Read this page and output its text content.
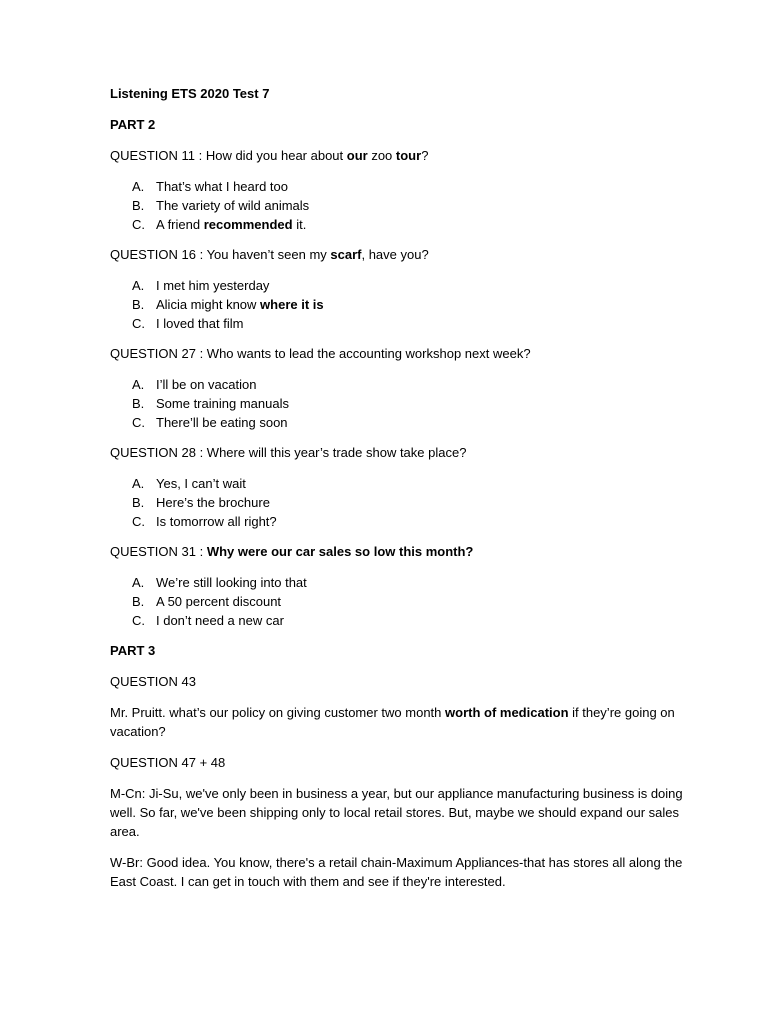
Listening ETS 2020 Test 7

PART 2

QUESTION 11 : How did you hear about our zoo tour?

A. That’s what I heard too
B. The variety of wild animals
C. A friend recommended it.

QUESTION 16 : You haven’t seen my scarf, have you?

A. I met him yesterday
B. Alicia might know where it is
C. I loved that film

QUESTION 27 : Who wants to lead the accounting workshop next week?

A. I’ll be on vacation
B. Some training manuals
C. There’ll be eating soon

QUESTION 28 : Where will this year’s trade show take place?

A. Yes, I can’t wait
B. Here’s the brochure
C. Is tomorrow all right?

QUESTION 31 : Why were our car sales so low this month?

A. We’re still looking into that
B. A 50 percent discount
C. I don’t need a new car

PART 3

QUESTION 43

Mr. Pruitt. what’s our policy on giving customer two month worth of medication if they’re going on vacation?

QUESTION 47 + 48

M-Cn: Ji-Su, we've only been in business a year, but our appliance manufacturing business is doing well. So far, we've been shipping only to local retail stores. But, maybe we should expand our sales area.

W-Br: Good idea. You know, there's a retail chain-Maximum Appliances-that has stores all along the East Coast. I can get in touch with them and see if they're interested.
